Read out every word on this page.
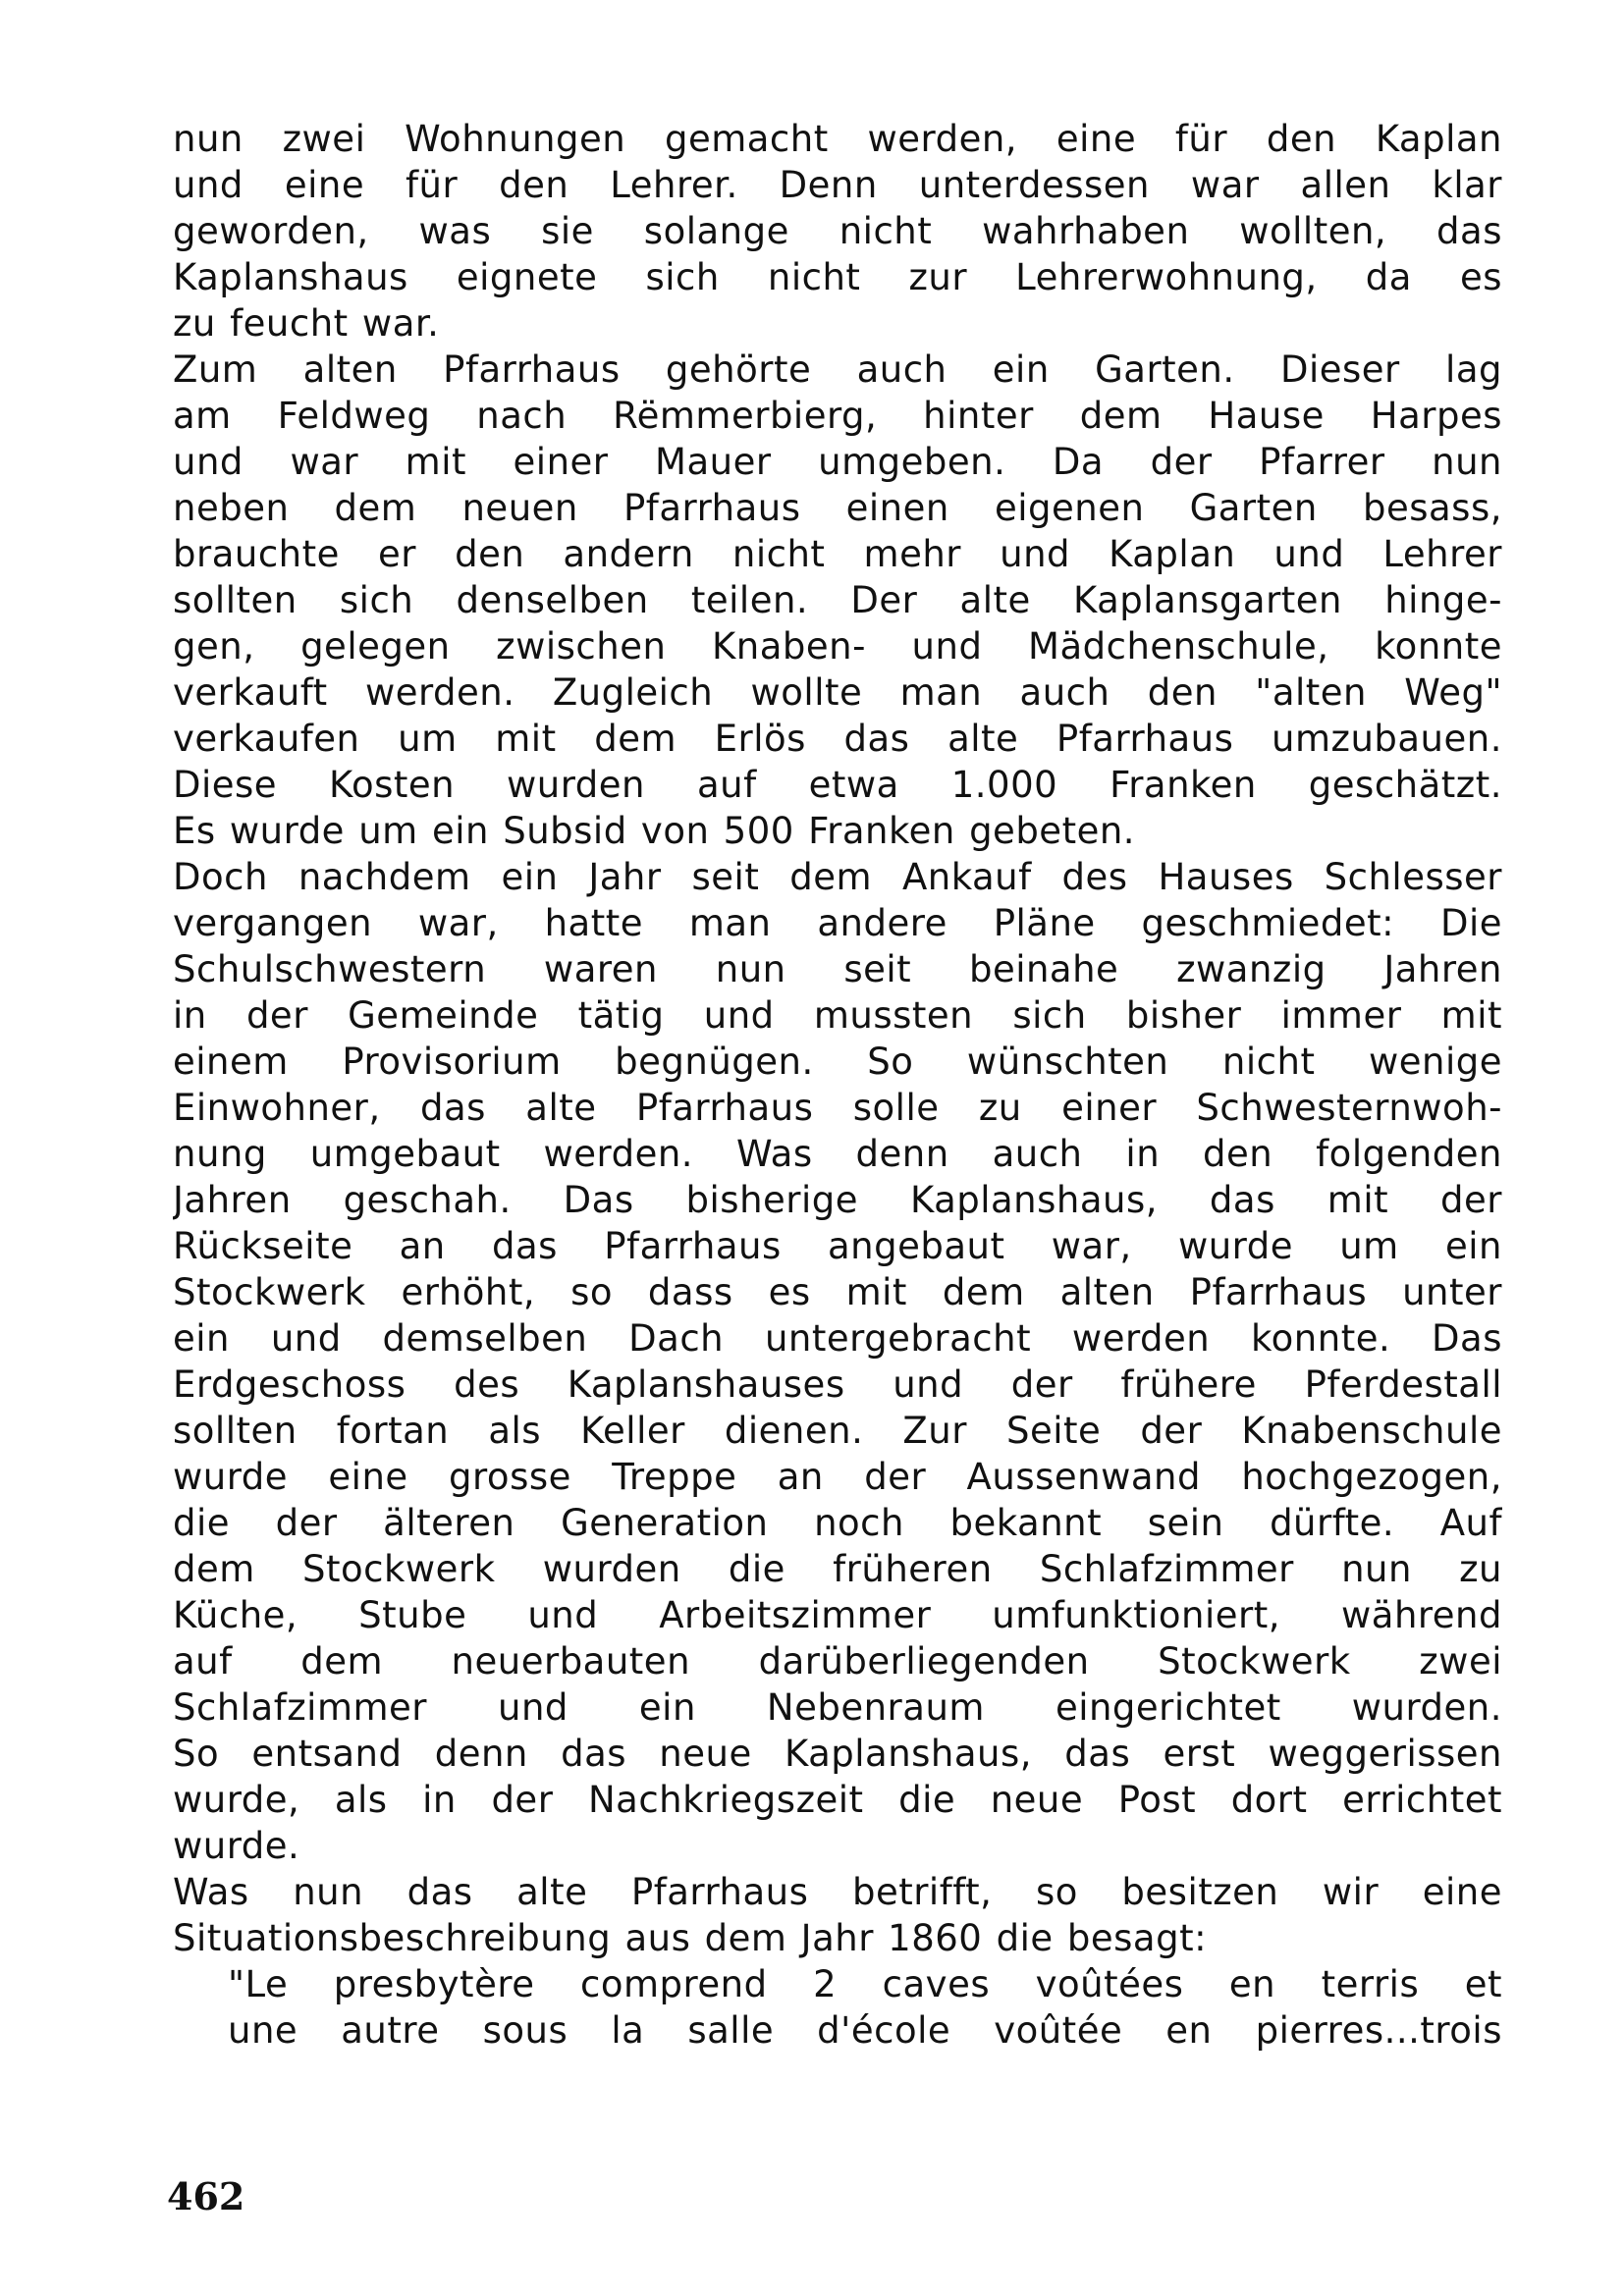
nun zwei Wohnungen gemacht werden, eine für den Kaplan
und eine für den Lehrer. Denn unterdessen war allen klar
geworden, was sie solange nicht wahrhaben wollten, das
Kaplanshaus eignete sich nicht zur Lehrerwohnung, da es
zu feucht war.
Zum alten Pfarrhaus gehörte auch ein Garten. Dieser lag
am Feldweg nach Rëmmerbierg, hinter dem Hause Harpes
und war mit einer Mauer umgeben. Da der Pfarrer nun
neben dem neuen Pfarrhaus einen eigenen Garten besass,
brauchte er den andern nicht mehr und Kaplan und Lehrer
sollten sich denselben teilen. Der alte Kaplansgarten hinge-
gen, gelegen zwischen Knaben- und Mädchenschule, konnte
verkauft werden. Zugleich wollte man auch den "alten Weg"
verkaufen um mit dem Erlös das alte Pfarrhaus umzubauen.
Diese Kosten wurden auf etwa 1.000 Franken geschätzt.
Es wurde um ein Subsid von 500 Franken gebeten.
Doch nachdem ein Jahr seit dem Ankauf des Hauses Schlesser
vergangen war, hatte man andere Pläne geschmiedet: Die
Schulschwestern waren nun seit beinahe zwanzig Jahren
in der Gemeinde tätig und mussten sich bisher immer mit
einem Provisorium begnügen. So wünschten nicht wenige
Einwohner, das alte Pfarrhaus solle zu einer Schwesternwoh-
nung umgebaut werden. Was denn auch in den folgenden
Jahren geschah. Das bisherige Kaplanshaus, das mit der
Rückseite an das Pfarrhaus angebaut war, wurde um ein
Stockwerk erhöht, so dass es mit dem alten Pfarrhaus unter
ein und demselben Dach untergebracht werden konnte. Das
Erdgeschoss des Kaplanshauses und der frühere Pferdestall
sollten fortan als Keller dienen. Zur Seite der Knabenschule
wurde eine grosse Treppe an der Aussenwand hochgezogen,
die der älteren Generation noch bekannt sein dürfte. Auf
dem Stockwerk wurden die früheren Schlafzimmer nun zu
Küche, Stube und Arbeitszimmer umfunktioniert, während
auf dem neuerbauten darüberliegenden Stockwerk zwei
Schlafzimmer und ein Nebenraum eingerichtet wurden.
So entsand denn das neue Kaplanshaus, das erst weggerissen
wurde, als in der Nachkriegszeit die neue Post dort errichtet
wurde.
Was nun das alte Pfarrhaus betrifft, so besitzen wir eine
Situationsbeschreibung aus dem Jahr 1860 die besagt:
"Le presbytère comprend 2 caves voûtées en terris et
une autre sous la salle d'école voûtée en pierres...trois
462
